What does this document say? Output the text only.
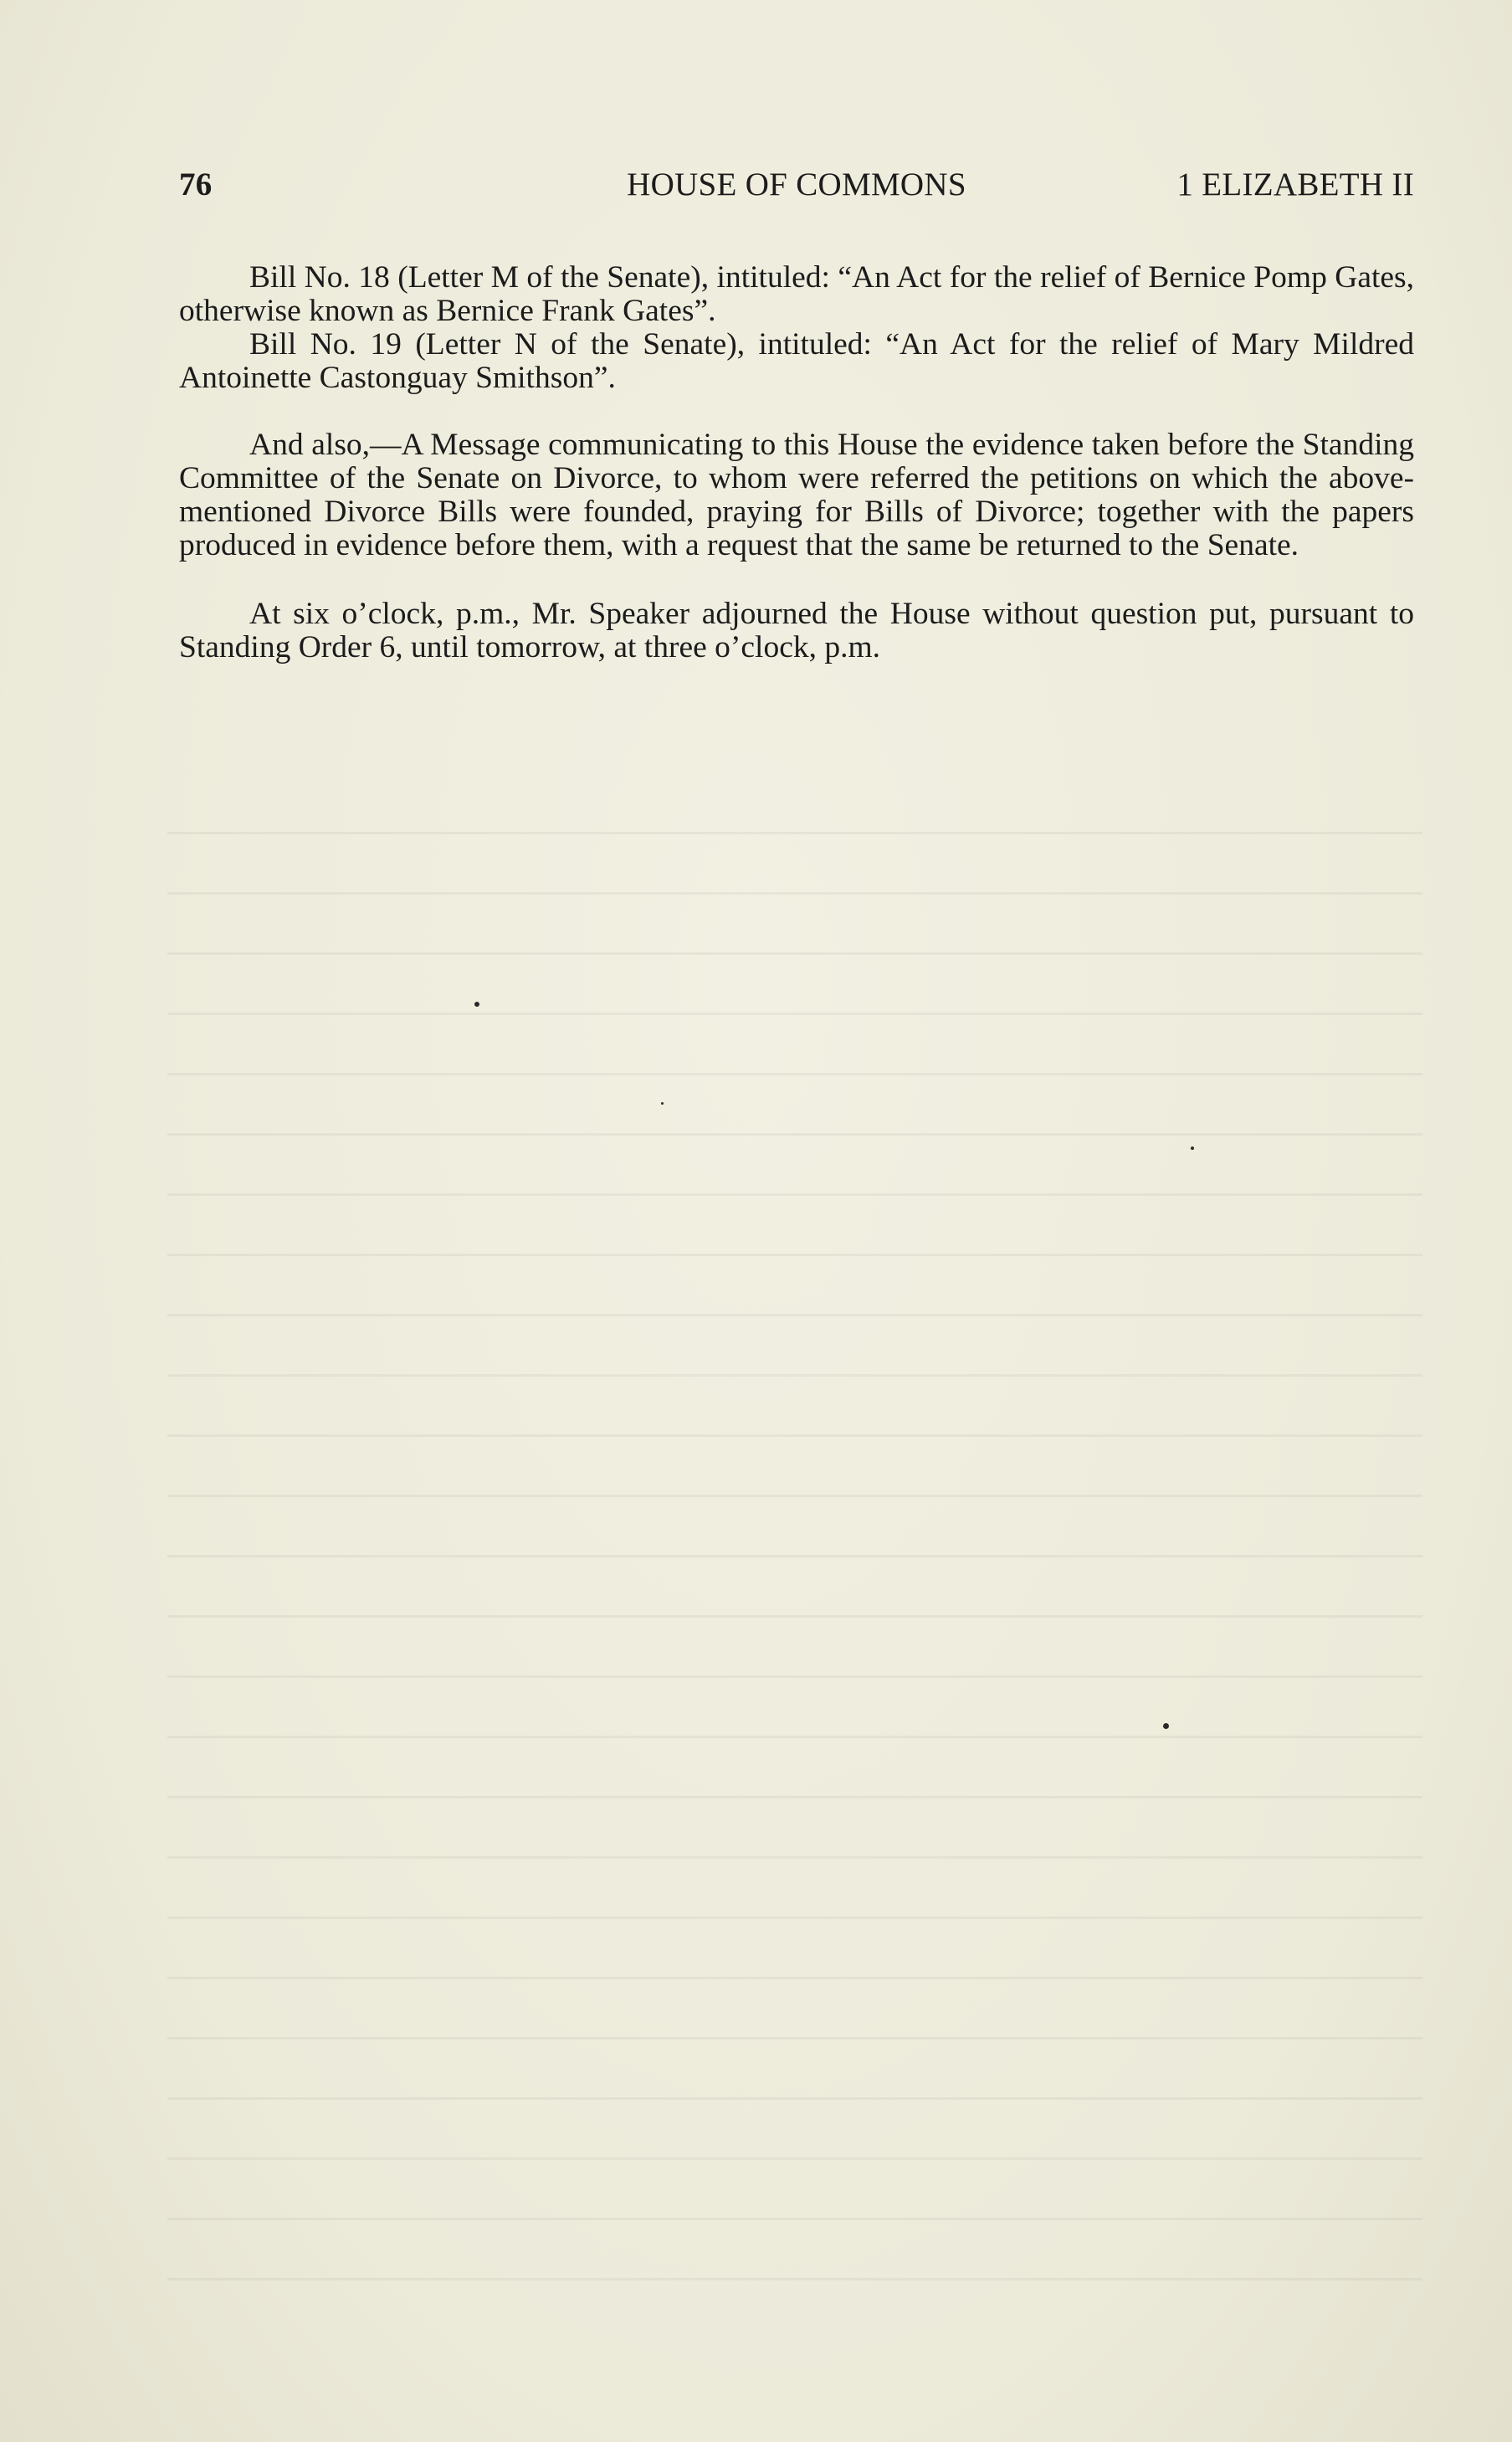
76	HOUSE OF COMMONS	1 ELIZABETH II

Bill No. 18 (Letter M of the Senate), intituled: “An Act for the relief of Bernice Pomp Gates, otherwise known as Bernice Frank Gates”.

Bill No. 19 (Letter N of the Senate), intituled: “An Act for the relief of Mary Mildred Antoinette Castonguay Smithson”.

And also,—A Message communicating to this House the evidence taken before the Standing Committee of the Senate on Divorce, to whom were referred the petitions on which the above-mentioned Divorce Bills were founded, praying for Bills of Divorce; together with the papers produced in evidence before them, with a request that the same be returned to the Senate.

At six o’clock, p.m., Mr. Speaker adjourned the House without question put, pursuant to Standing Order 6, until tomorrow, at three o’clock, p.m.
